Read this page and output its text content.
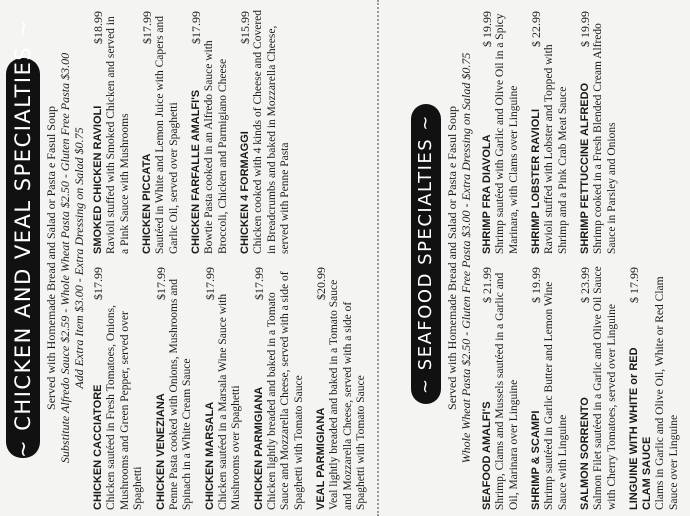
~ CHICKEN AND VEAL SPECIALTIES ~ Served with Homemade Bread and Salad or Pasta e Fasul Soup Substitute Alfredo Sauce $2.59 - Whole Wheat Pasta $2.50 - Gluten Free Pasta $3.00 Add Extra Item $3.00 - Extra Dressing on Salad $0.75
CHICKEN CACCIATORE
$17.99
Chicken sautéed in Fresh Tomatoes, Onions, Mushrooms and Green Pepper, served over Spaghetti CHICKEN VENEZIANA
$17.99 Penne Pasta cooked with Onions, Mushrooms and Spinach in a White Cream Sauce CHICKEN MARSALA
$17.99
Chicken sautéed in a Marsala Wine Sauce with Mushrooms over Spaghetti CHICKEN PARMIGIANA
$17.99
Chicken lightly breaded and baked in a Tomato Sauce and Mozzarella Cheese, served with a side of Spaghetti with Tomato Sauce VEAL PARMIGIANA
$20.99 Veal lightly breaded and baked in a Tomato Sauce and Mozzarella Cheese, served with a side of Spaghetti with Tomato Sauce
SMOKED CHICKEN RAVIOLI
$18.99 Ravioli stuffed with Smoked Chicken and served in a Pink Sauce with Mushrooms CHICKEN PICCATA
$17.99 Sautéed in White and Lemon Juice with Capers and Garlic Oil, served over Spaghetti CHICKEN FARFALLE AMALFI'S
$17.99
Bowtie Pasta cooked in an Alfredo Sauce with Broccoli, Chicken and Parmigiano Cheese CHICKEN 4 FORMAGGI
$15.99 Chicken cooked with 4 kinds of Cheese and Covered in Breadcrumbs and baked in Mozzarella Cheese, served with Penne Pasta	~ SEAFOOD SPECIALTIES ~ Served with Homemade Bread and Salad or Pasta e Fasul Soup Whole Wheat Pasta $2.50 - Gluten Free Pasta $3.00 - Extra Dressing on Salad $0.75 SEAFOOD AMALFI'S
$ 21.99 Shrimp, Clams and Mussels sautéed in a Garlic and Oil, Marinara over Linguine SHRIMP & SCAMPI
$ 19.99 Shrimp sautéed in Garlic Butter and Lemon Wine Sauce with Linguine SALMON SORRENTO
$ 23.99 Salmon Filet sautéed in a Garlic and Olive Oil Sauce with Cherry Tomatoes, served over Linguine LINGUINE WITH WHITE or RED CLAM SAUCE
$ 17.99 Clams in Garlic and Olive Oil, White or Red Clam Sauce over Linguine
SHRIMP FRA DIAVOLA
$ 19.99 Shrimp sautéed with Garlic and Olive Oil in a Spicy Marinara, with Clams over Linguine SHRIMP LOBSTER RAVIOLI
$ 22.99
Ravioli stuffed with Lobster and Topped with Shrimp and a Pink Crab Meat Sauce SHRIMP FETTUCCINE ALFREDO
$ 19.99 Shrimp cooked in a Fresh Blended Cream Alfredo Sauce in Parsley and Onions
